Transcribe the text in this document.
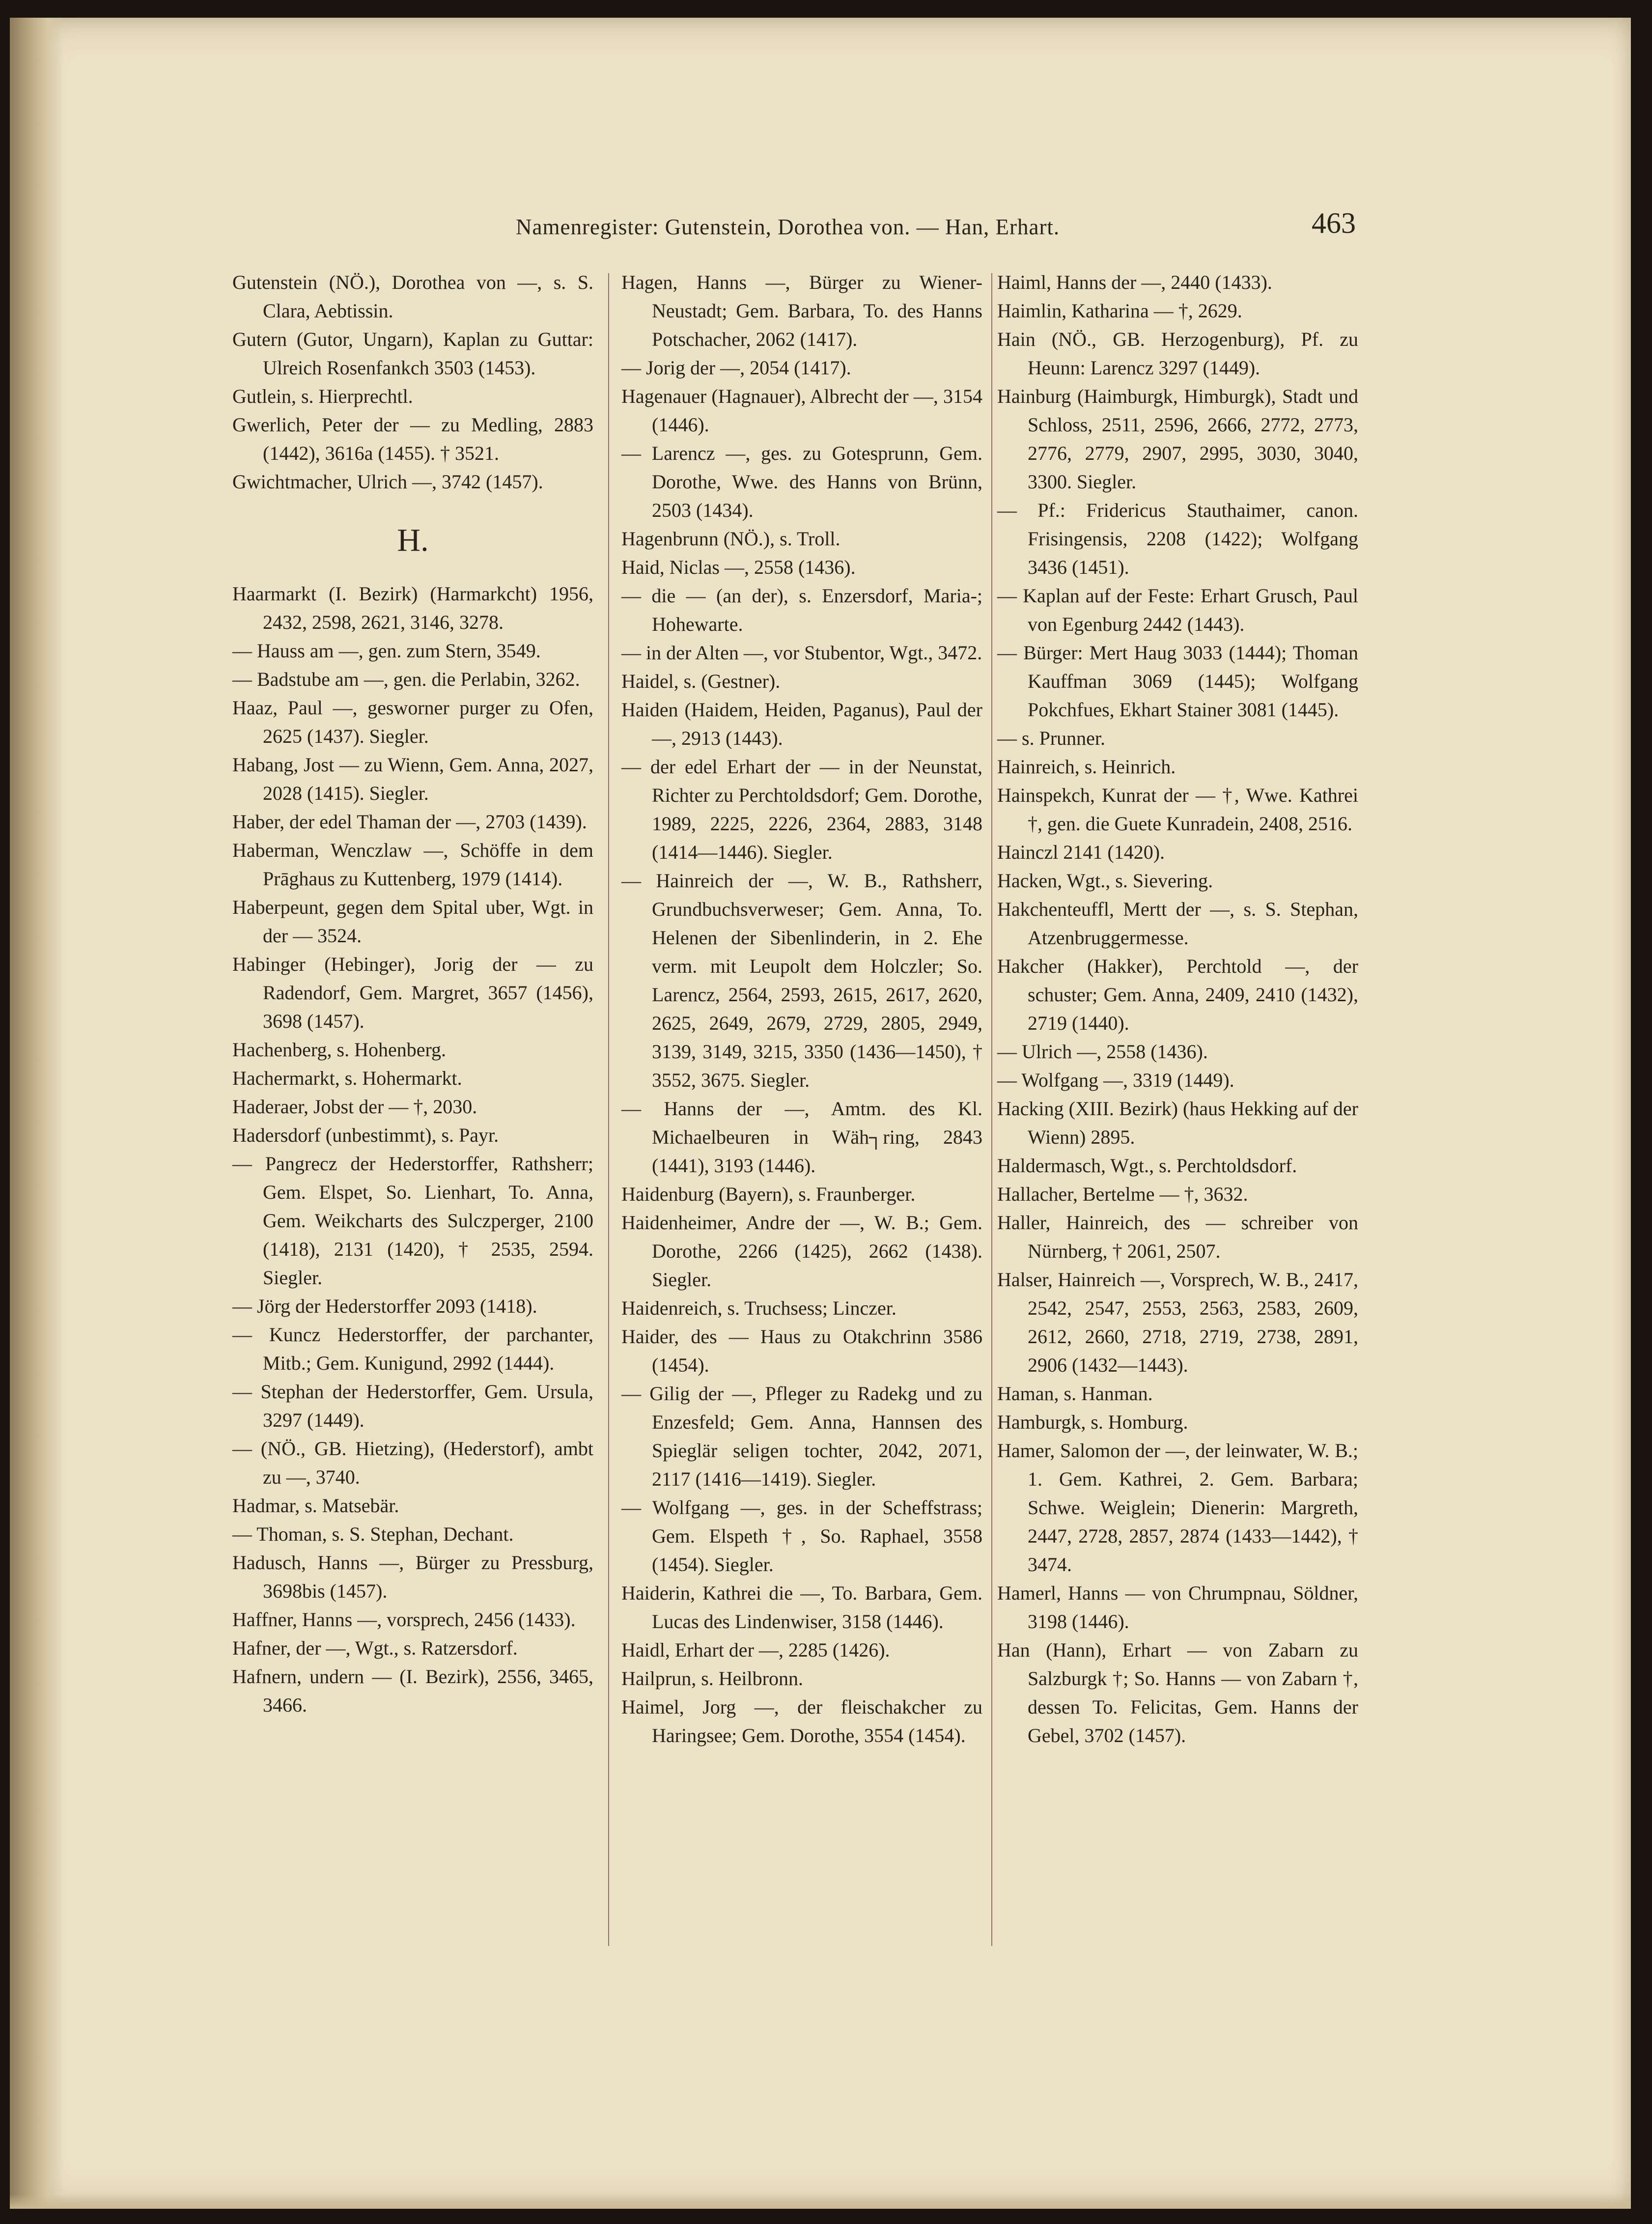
Namenregister: Gutenstein, Dorothea von. — Han, Erhart.	463

Gutenstein (NÖ.), Dorothea von —, s. S. Clara, Aebtissin.

Gutern (Gutor, Ungarn), Kaplan zu Guttar: Ulreich Rosenfankch 3503 (1453).

Gutlein, s. Hierprechtl.

Gwerlich, Peter der — zu Medling, 2883 (1442), 3616a (1455). † 3521.

Gwichtmacher, Ulrich —, 3742 (1457).

H.

Haarmarkt (I. Bezirk) (Harmarkcht) 1956, 2432, 2598, 2621, 3146, 3278.

— Hauss am —, gen. zum Stern, 3549.

— Badstube am —, gen. die Perlabin, 3262.

Haaz, Paul —, gesworner purger zu Ofen, 2625 (1437). Siegler.

Habang, Jost — zu Wienn, Gem. Anna, 2027, 2028 (1415). Siegler.

Haber, der edel Thaman der —, 2703 (1439).

Haberman, Wenczlaw —, Schöffe in dem Prāghaus zu Kuttenberg, 1979 (1414).

Haberpeunt, gegen dem Spital uber, Wgt. in der — 3524.

Habinger (Hebinger), Jorig der — zu Radendorf, Gem. Margret, 3657 (1456), 3698 (1457).

Hachenberg, s. Hohenberg.

Hachermarkt, s. Hohermarkt.

Haderaer, Jobst der — †, 2030.

Hadersdorf (unbestimmt), s. Payr.

— Pangrecz der Hederstorffer, Rathsherr; Gem. Elspet, So. Lienhart, To. Anna, Gem. Weikcharts des Sulczperger, 2100 (1418), 2131 (1420), † 2535, 2594. Siegler.

— Jörg der Hederstorffer 2093 (1418).

— Kuncz Hederstorffer, der parchanter, Mitb.; Gem. Kunigund, 2992 (1444).

— Stephan der Hederstorffer, Gem. Ursula, 3297 (1449).

— (NÖ., GB. Hietzing), (Hederstorf), ambt zu —, 3740.

Hadmar, s. Matsebär.

— Thoman, s. S. Stephan, Dechant.

Hadusch, Hanns —, Bürger zu Pressburg, 3698bis (1457).

Haffner, Hanns —, vorsprech, 2456 (1433).

Hafner, der —, Wgt., s. Ratzersdorf.

Hafnern, undern — (I. Bezirk), 2556, 3465, 3466.

Hagen, Hanns —, Bürger zu Wiener-Neustadt; Gem. Barbara, To. des Hanns Potschacher, 2062 (1417).

— Jorig der —, 2054 (1417).

Hagenauer (Hagnauer), Albrecht der —, 3154 (1446).

— Larencz —, ges. zu Gotesprunn, Gem. Dorothe, Wwe. des Hanns von Brünn, 2503 (1434).

Hagenbrunn (NÖ.), s. Troll.

Haid, Niclas —, 2558 (1436).

— die — (an der), s. Enzersdorf, Maria-; Hohewarte.

— in der Alten —, vor Stubentor, Wgt., 3472.

Haidel, s. (Gestner).

Haiden (Haidem, Heiden, Paganus), Paul der —, 2913 (1443).

— der edel Erhart der — in der Neunstat, Richter zu Perchtoldsdorf; Gem. Dorothe, 1989, 2225, 2226, 2364, 2883, 3148 (1414—1446). Siegler.

— Hainreich der —, W. B., Rathsherr, Grundbuchsverweser; Gem. Anna, To. Helenen der Sibenlinderin, in 2. Ehe verm. mit Leupolt dem Holczler; So. Larencz, 2564, 2593, 2615, 2617, 2620, 2625, 2649, 2679, 2729, 2805, 2949, 3139, 3149, 3215, 3350 (1436—1450), † 3552, 3675. Siegler.

— Hanns der —, Amtm. des Kl. Michaelbeuren in Wäh┐ring, 2843 (1441), 3193 (1446).

Haidenburg (Bayern), s. Fraunberger.

Haidenheimer, Andre der —, W. B.; Gem. Dorothe, 2266 (1425), 2662 (1438). Siegler.

Haidenreich, s. Truchsess; Linczer.

Haider, des — Haus zu Otakchrinn 3586 (1454).

— Gilig der —, Pfleger zu Radekg und zu Enzesfeld; Gem. Anna, Hannsen des Spieglär seligen tochter, 2042, 2071, 2117 (1416—1419). Siegler.

— Wolfgang —, ges. in der Scheffstrass; Gem. Elspeth †, So. Raphael, 3558 (1454). Siegler.

Haiderin, Kathrei die —, To. Barbara, Gem. Lucas des Lindenwiser, 3158 (1446).

Haidl, Erhart der —, 2285 (1426).

Hailprun, s. Heilbronn.

Haimel, Jorg —, der fleischakcher zu Haringsee; Gem. Dorothe, 3554 (1454).

Haiml, Hanns der —, 2440 (1433).

Haimlin, Katharina — †, 2629.

Hain (NÖ., GB. Herzogenburg), Pf. zu Heunn: Larencz 3297 (1449).

Hainburg (Haimburgk, Himburgk), Stadt und Schloss, 2511, 2596, 2666, 2772, 2773, 2776, 2779, 2907, 2995, 3030, 3040, 3300. Siegler.

— Pf.: Fridericus Stauthaimer, canon. Frisingensis, 2208 (1422); Wolfgang 3436 (1451).

— Kaplan auf der Feste: Erhart Grusch, Paul von Egenburg 2442 (1443).

— Bürger: Mert Haug 3033 (1444); Thoman Kauffman 3069 (1445); Wolfgang Pokchfues, Ekhart Stainer 3081 (1445).

— s. Prunner.

Hainreich, s. Heinrich.

Hainspekch, Kunrat der — †, Wwe. Kathrei †, gen. die Guete Kunradein, 2408, 2516.

Hainczl 2141 (1420).

Hacken, Wgt., s. Sievering.

Hakchenteuffl, Mertt der —, s. S. Stephan, Atzenbruggermesse.

Hakcher (Hakker), Perchtold —, der schuster; Gem. Anna, 2409, 2410 (1432), 2719 (1440).

— Ulrich —, 2558 (1436).

— Wolfgang —, 3319 (1449).

Hacking (XIII. Bezirk) (haus Hekking auf der Wienn) 2895.

Haldermasch, Wgt., s. Perchtoldsdorf.

Hallacher, Bertelme — †, 3632.

Haller, Hainreich, des — schreiber von Nürnberg, † 2061, 2507.

Halser, Hainreich —, Vorsprech, W. B., 2417, 2542, 2547, 2553, 2563, 2583, 2609, 2612, 2660, 2718, 2719, 2738, 2891, 2906 (1432—1443).

Haman, s. Hanman.

Hamburgk, s. Homburg.

Hamer, Salomon der —, der leinwater, W. B.; 1. Gem. Kathrei, 2. Gem. Barbara; Schwe. Weiglein; Dienerin: Margreth, 2447, 2728, 2857, 2874 (1433—1442), † 3474.

Hamerl, Hanns — von Chrumpnau, Söldner, 3198 (1446).

Han (Hann), Erhart — von Zabarn zu Salzburgk †; So. Hanns — von Zabarn †, dessen To. Felicitas, Gem. Hanns der Gebel, 3702 (1457).
